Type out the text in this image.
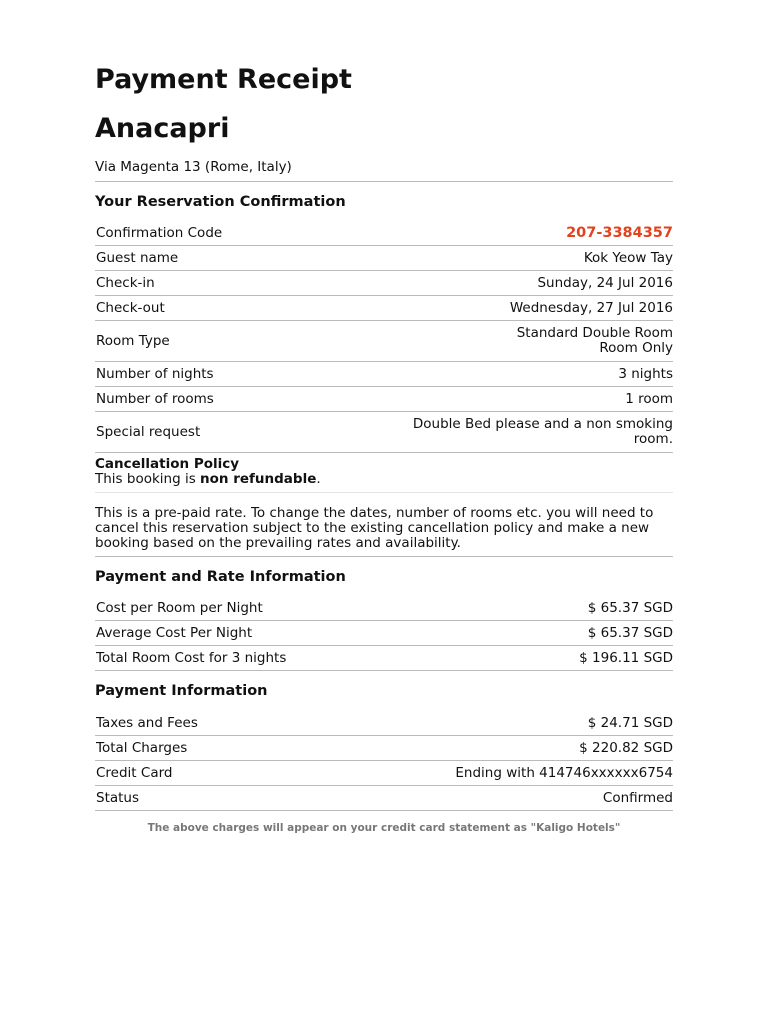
Payment Receipt
Anacapri
Via Magenta 13 (Rome, Italy)
Your Reservation Confirmation
Confirmation Code	207-3384357
Guest name	Kok Yeow Tay
Check-in	Sunday, 24 Jul 2016
Check-out	Wednesday, 27 Jul 2016
Room Type	Standard Double Room
Room Only

Number of nights	3 nights
Number of rooms	1 room
Special request	Double Bed please and a non smoking
room.
Cancellation Policy
This booking is non refundable.
This is a pre-paid rate. To change the dates, number of rooms etc. you will need to cancel this reservation subject to the existing cancellation policy and make a new booking based on the prevailing rates and availability.
Payment and Rate Information
Cost per Room per Night	$ 65.37 SGD
Average Cost Per Night	$ 65.37 SGD
Total Room Cost for 3 nights	$ 196.11 SGD
Payment Information
Taxes and Fees	$ 24.71 SGD
Total Charges	$ 220.82 SGD
Credit Card	Ending with 414746xxxxxx6754
Status	Confirmed
The above charges will appear on your credit card statement as "Kaligo Hotels"
